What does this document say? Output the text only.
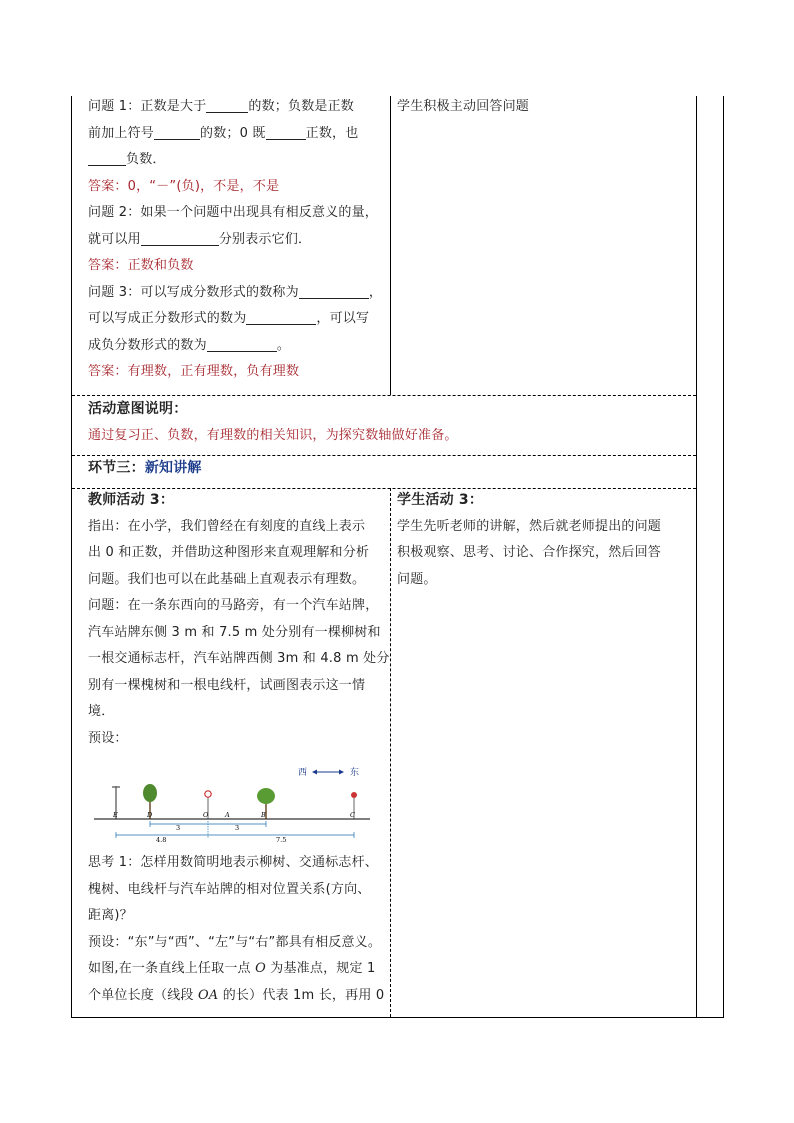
问题 1：正数是大于	的数；负数是正数

前加上符号	的数；0 既	正数，也

负数．

答案：0，“－”(负)，不是，不是

问题 2：如果一个问题中出现具有相反意义的量，

就可以用	分别表示它们．

答案：正数和负数

问题 3：可以写成分数形式的数称为	，

可以写成正分数形式的数为	，可以写

成负分数形式的数为	。

答案：有理数，正有理数，负有理数

学生积极主动回答问题

活动意图说明：

通过复习正、负数，有理数的相关知识，为探究数轴做好准备。

环节三：新知讲解

教师活动 3：

指出：在小学，我们曾经在有刻度的直线上表示

出 0 和正数，并借助这种图形来直观理解和分析

问题。我们也可以在此基础上直观表示有理数。

问题：在一条东西向的马路旁，有一个汽车站牌，

汽车站牌东侧 3 m 和 7.5 m 处分别有一棵柳树和

一根交通标志杆，汽车站牌西侧 3m 和 4.8 m 处分

别有一棵槐树和一根电线杆，试画图表示这一情

境．

预设：

西	东
E	D	O	A	B	C
3	3
4.8	7.5

思考 1：怎样用数简明地表示柳树、交通标志杆、

槐树、电线杆与汽车站牌的相对位置关系(方向、

距离)？

预设：“东”与“西”、“左”与“右”都具有相反意义。

如图,在一条直线上任取一点 O 为基准点，规定 1

个单位长度（线段 OA 的长）代表 1m 长，再用 0

学生活动 3：

学生先听老师的讲解，然后就老师提出的问题

积极观察、思考、讨论、合作探究，然后回答

问题。
